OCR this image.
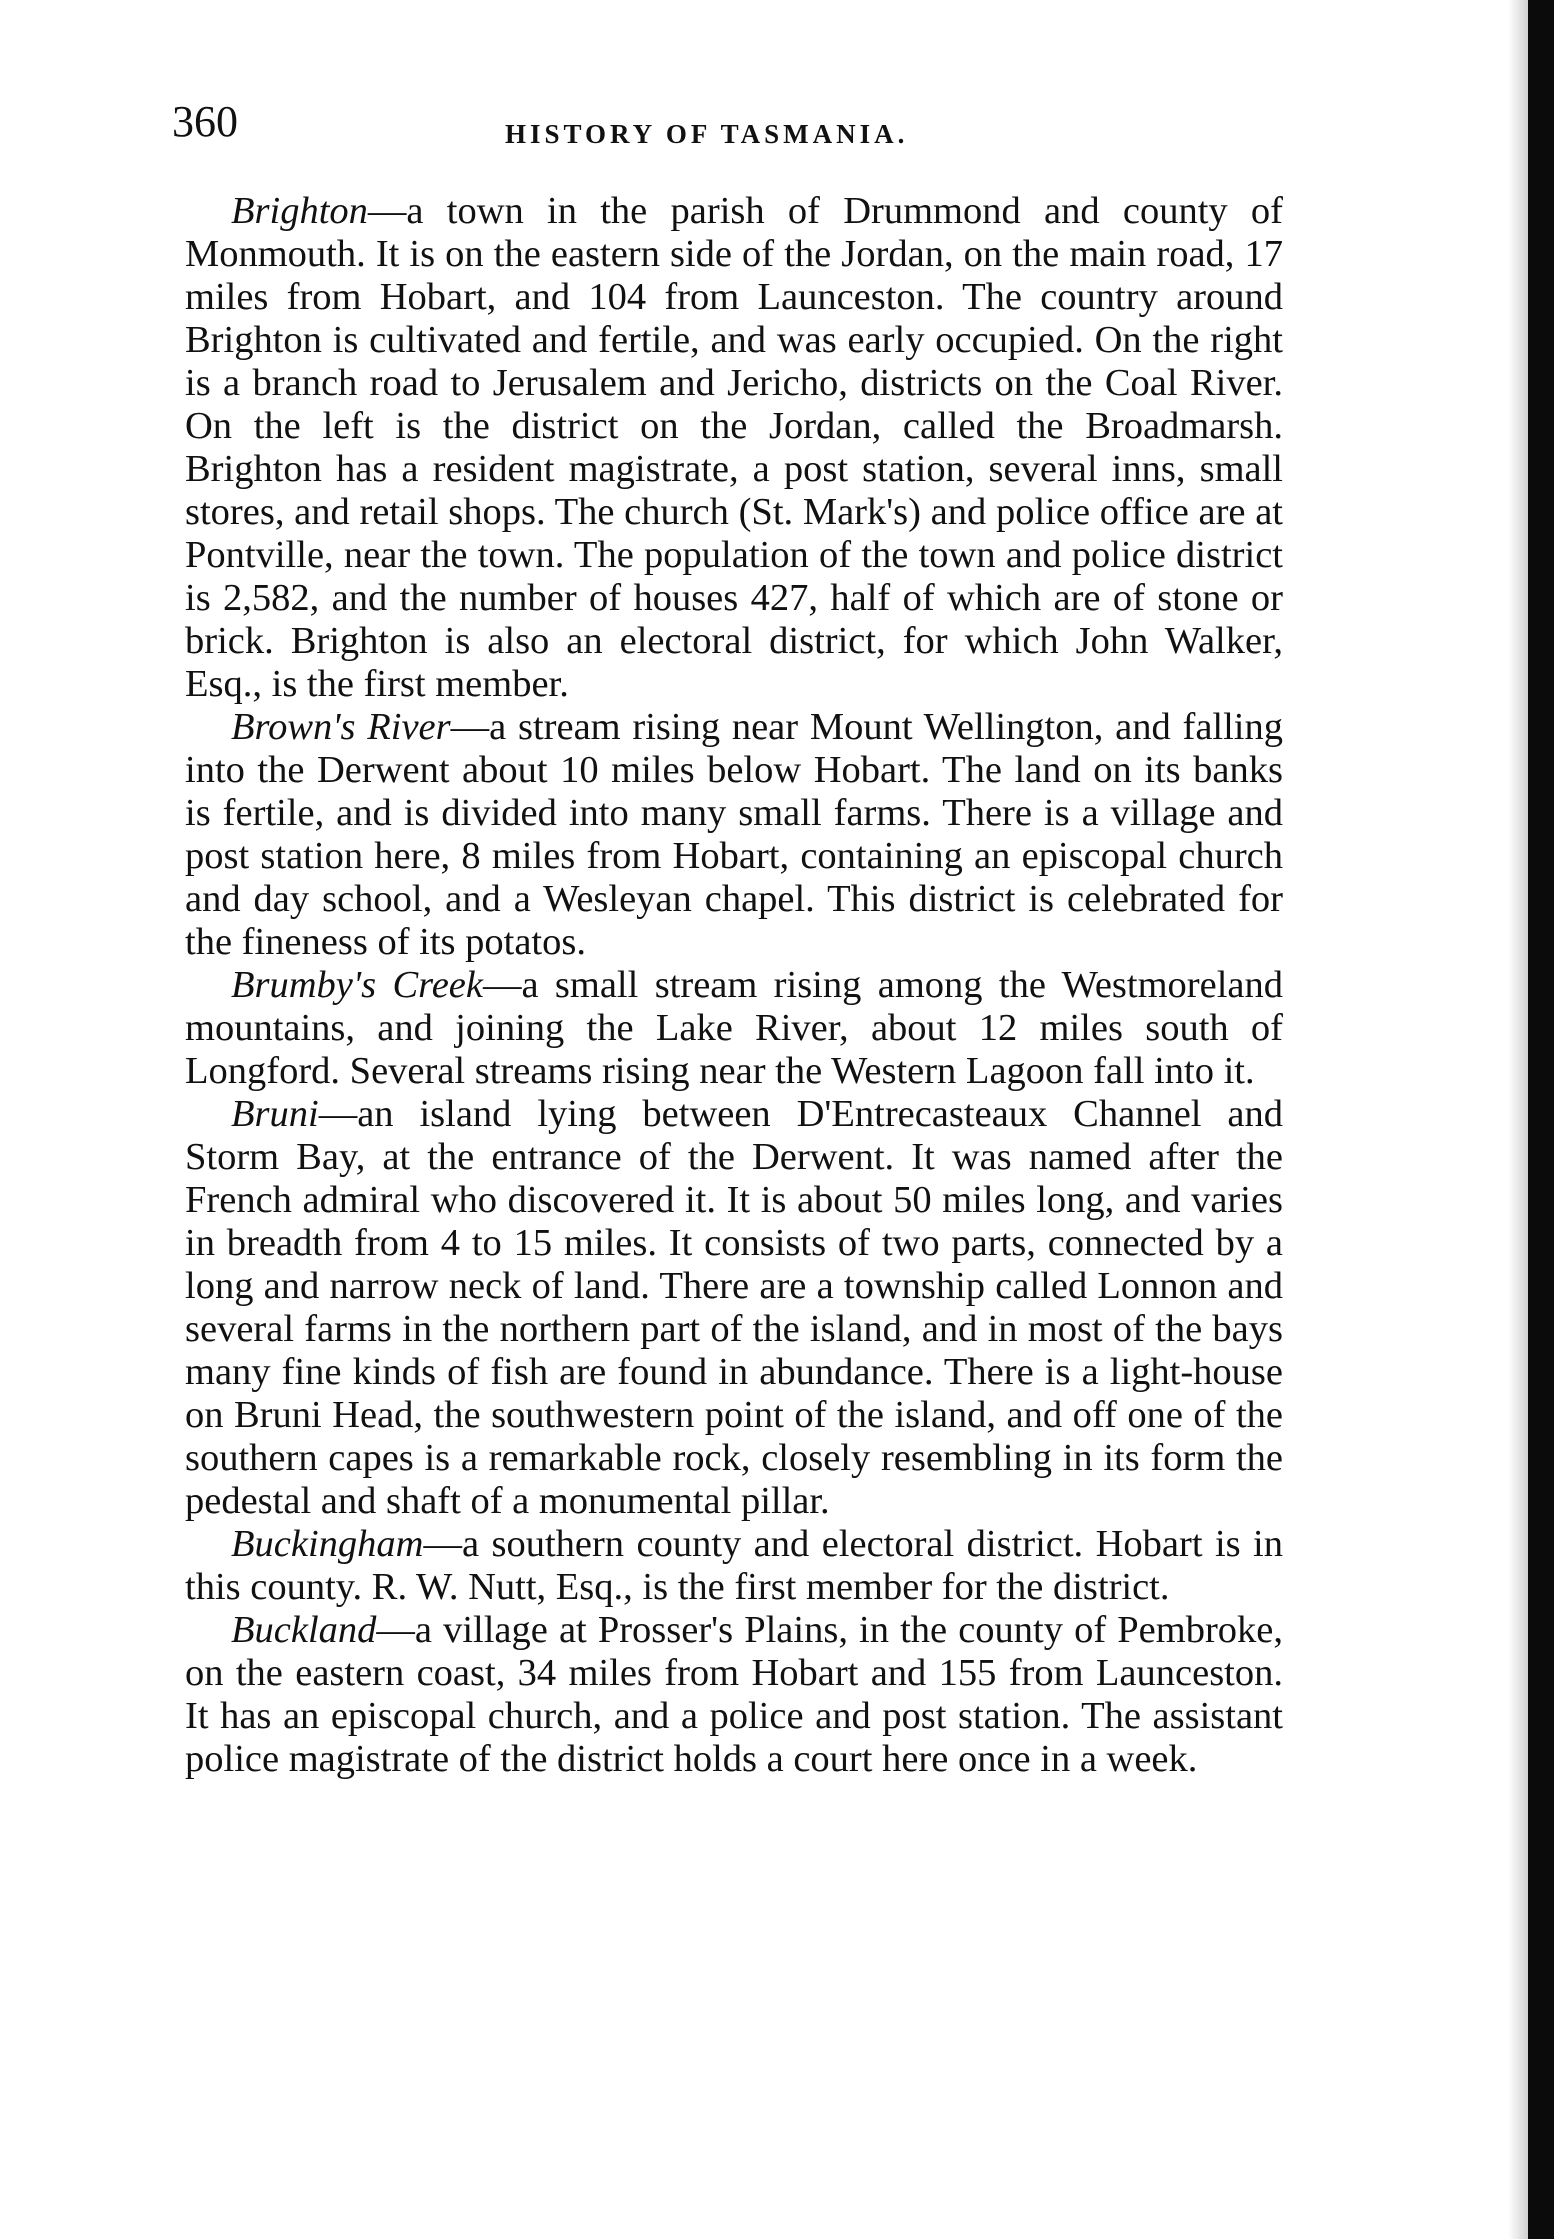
360	HISTORY OF TASMANIA.

Brighton—a town in the parish of Drummond and county of Monmouth. It is on the eastern side of the Jordan, on the main road, 17 miles from Hobart, and 104 from Launceston. The country around Brighton is cultivated and fertile, and was early occupied. On the right is a branch road to Jerusalem and Jericho, districts on the Coal River. On the left is the district on the Jordan, called the Broadmarsh. Brighton has a resident magistrate, a post station, several inns, small stores, and retail shops. The church (St. Mark's) and police office are at Pontville, near the town. The population of the town and police district is 2,582, and the number of houses 427, half of which are of stone or brick. Brighton is also an electoral district, for which John Walker, Esq., is the first member.

Brown's River—a stream rising near Mount Wellington, and falling into the Derwent about 10 miles below Hobart. The land on its banks is fertile, and is divided into many small farms. There is a village and post station here, 8 miles from Hobart, containing an episcopal church and day school, and a Wesleyan chapel. This district is celebrated for the fineness of its potatos.

Brumby's Creek—a small stream rising among the Westmoreland mountains, and joining the Lake River, about 12 miles south of Longford. Several streams rising near the Western Lagoon fall into it.

Bruni—an island lying between D'Entrecasteaux Channel and Storm Bay, at the entrance of the Derwent. It was named after the French admiral who discovered it. It is about 50 miles long, and varies in breadth from 4 to 15 miles. It consists of two parts, connected by a long and narrow neck of land. There are a township called Lonnon and several farms in the northern part of the island, and in most of the bays many fine kinds of fish are found in abundance. There is a light-house on Bruni Head, the southwestern point of the island, and off one of the southern capes is a remarkable rock, closely resembling in its form the pedestal and shaft of a monumental pillar.

Buckingham—a southern county and electoral district. Hobart is in this county. R. W. Nutt, Esq., is the first member for the district.

Buckland—a village at Prosser's Plains, in the county of Pembroke, on the eastern coast, 34 miles from Hobart and 155 from Launceston. It has an episcopal church, and a police and post station. The assistant police magistrate of the district holds a court here once in a week.
